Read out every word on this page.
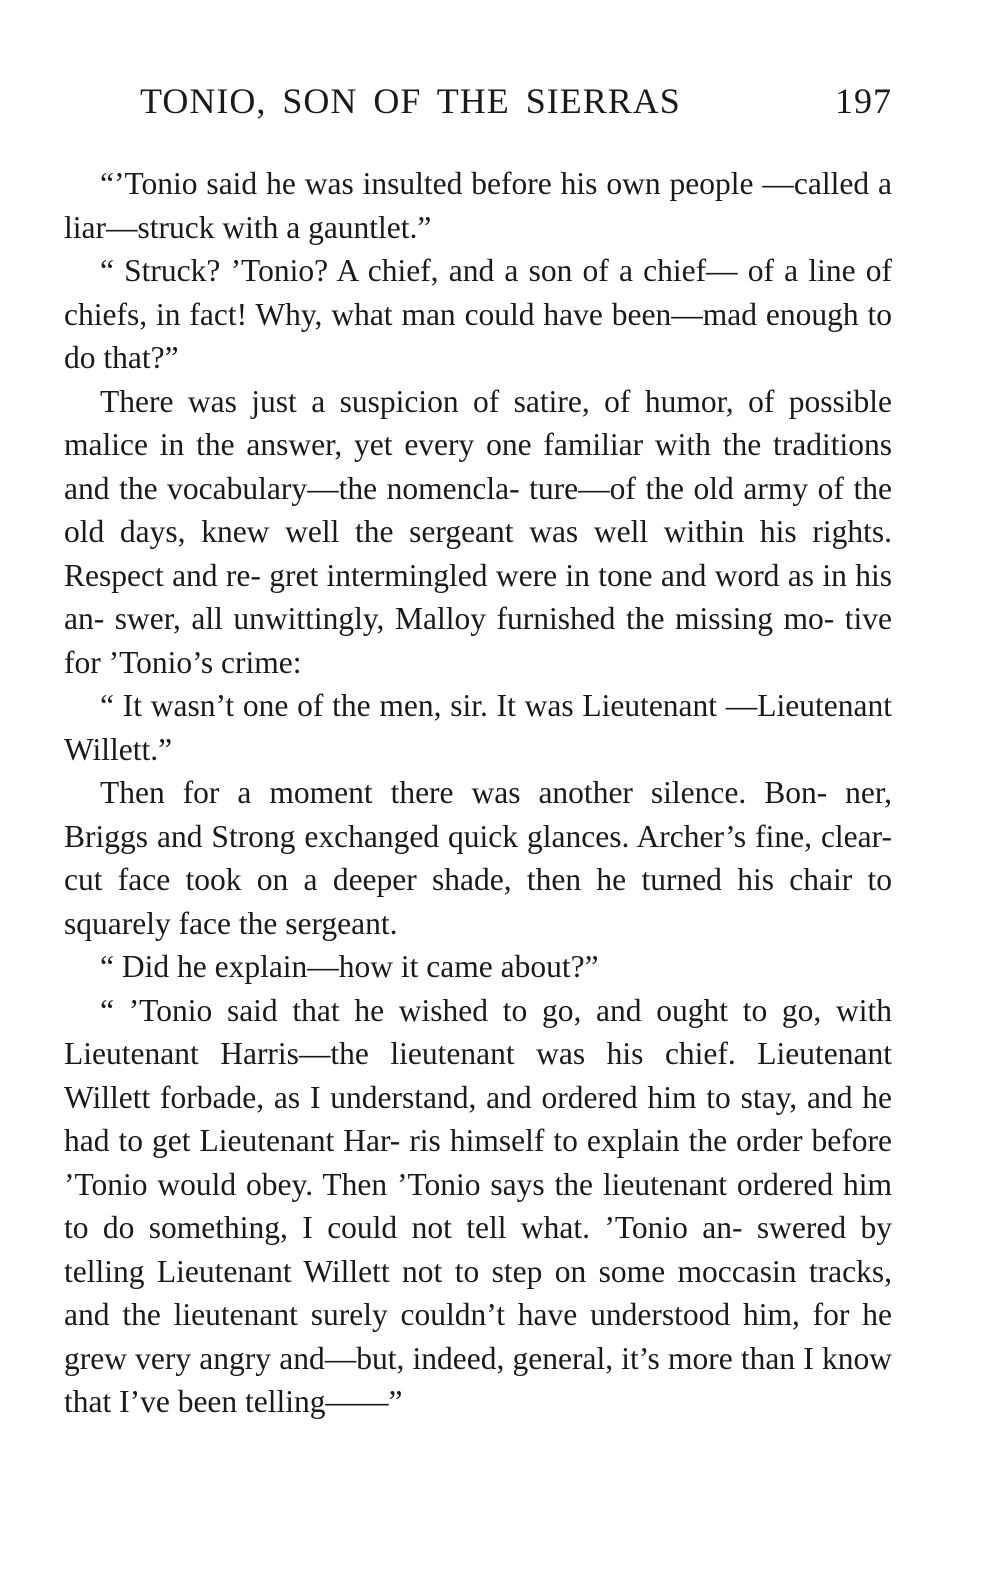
TONIO, SON OF THE SIERRAS	197

“’Tonio said he was insulted before his own people —called a liar—struck with a gauntlet.”

“ Struck? ’Tonio? A chief, and a son of a chief— of a line of chiefs, in fact! Why, what man could have been—mad enough to do that?”

There was just a suspicion of satire, of humor, of possible malice in the answer, yet every one familiar with the traditions and the vocabulary—the nomencla- ture—of the old army of the old days, knew well the sergeant was well within his rights. Respect and re- gret intermingled were in tone and word as in his an- swer, all unwittingly, Malloy furnished the missing mo- tive for ’Tonio’s crime:

“ It wasn’t one of the men, sir. It was Lieutenant —Lieutenant Willett.”

Then for a moment there was another silence. Bon- ner, Briggs and Strong exchanged quick glances. Archer’s fine, clear-cut face took on a deeper shade, then he turned his chair to squarely face the sergeant.

“ Did he explain—how it came about?”

“ ’Tonio said that he wished to go, and ought to go, with Lieutenant Harris—the lieutenant was his chief. Lieutenant Willett forbade, as I understand, and ordered him to stay, and he had to get Lieutenant Har- ris himself to explain the order before ’Tonio would obey. Then ’Tonio says the lieutenant ordered him to do something, I could not tell what. ’Tonio an- swered by telling Lieutenant Willett not to step on some moccasin tracks, and the lieutenant surely couldn’t have understood him, for he grew very angry and—but, indeed, general, it’s more than I know that I’ve been telling——”
